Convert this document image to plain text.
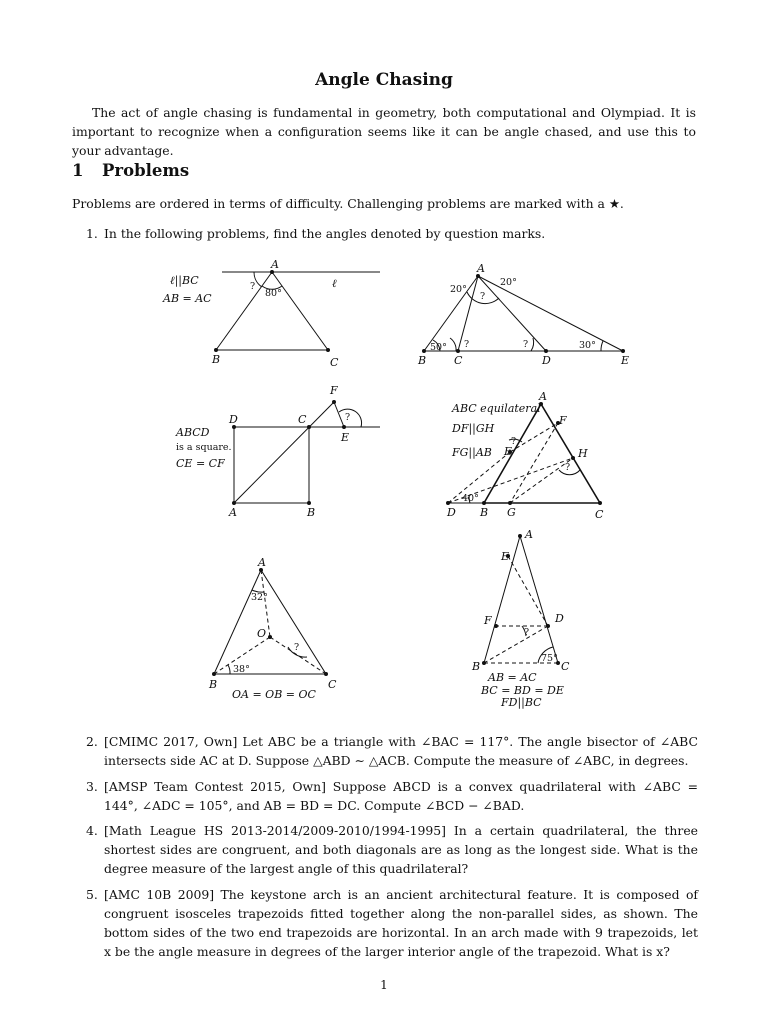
Angle Chasing
The act of angle chasing is fundamental in geometry, both computational and Olympiad. It is important to recognize when a configuration seems like it can be angle chased, and use this to your advantage.
1 Problems
Problems are ordered in terms of difficulty. Challenging problems are marked with a ★.
1. In the following problems, find the angles denoted by question marks.
ℓ||BC
AB = AC
A
B	C
ℓ
?
80°
A
B	C	D	E
20°
20°
50°	30°
?
?	?
ABCD
is a square.
CE = CF
D	C
A	B
F
E
?
ABC equilateral
DF||GH
FG||AB
A
B	C
D
E
F
G
H
40°
?
?
A
B	C
O
32°
38°
?
OA = OB = OC
A
E
F	D
B	C
75°
?
AB = AC
BC = BD = DE
FD||BC
2. [CMIMC 2017, Own] Let ABC be a triangle with ∠BAC = 117°. The angle bisector of ∠ABC intersects side AC at D. Suppose △ABD ∼ △ACB. Compute the measure of ∠ABC, in degrees.
3. [AMSP Team Contest 2015, Own] Suppose ABCD is a convex quadrilateral with ∠ABC = 144°, ∠ADC = 105°, and AB = BD = DC. Compute ∠BCD − ∠BAD.
4. [Math League HS 2013-2014/2009-2010/1994-1995] In a certain quadrilateral, the three shortest sides are congruent, and both diagonals are as long as the longest side. What is the degree measure of the largest angle of this quadrilateral?
5. [AMC 10B 2009] The keystone arch is an ancient architectural feature. It is composed of congruent isosceles trapezoids fitted together along the non-parallel sides, as shown. The bottom sides of the two end trapezoids are horizontal. In an arch made with 9 trapezoids, let x be the angle measure in degrees of the larger interior angle of the trapezoid. What is x?
1
